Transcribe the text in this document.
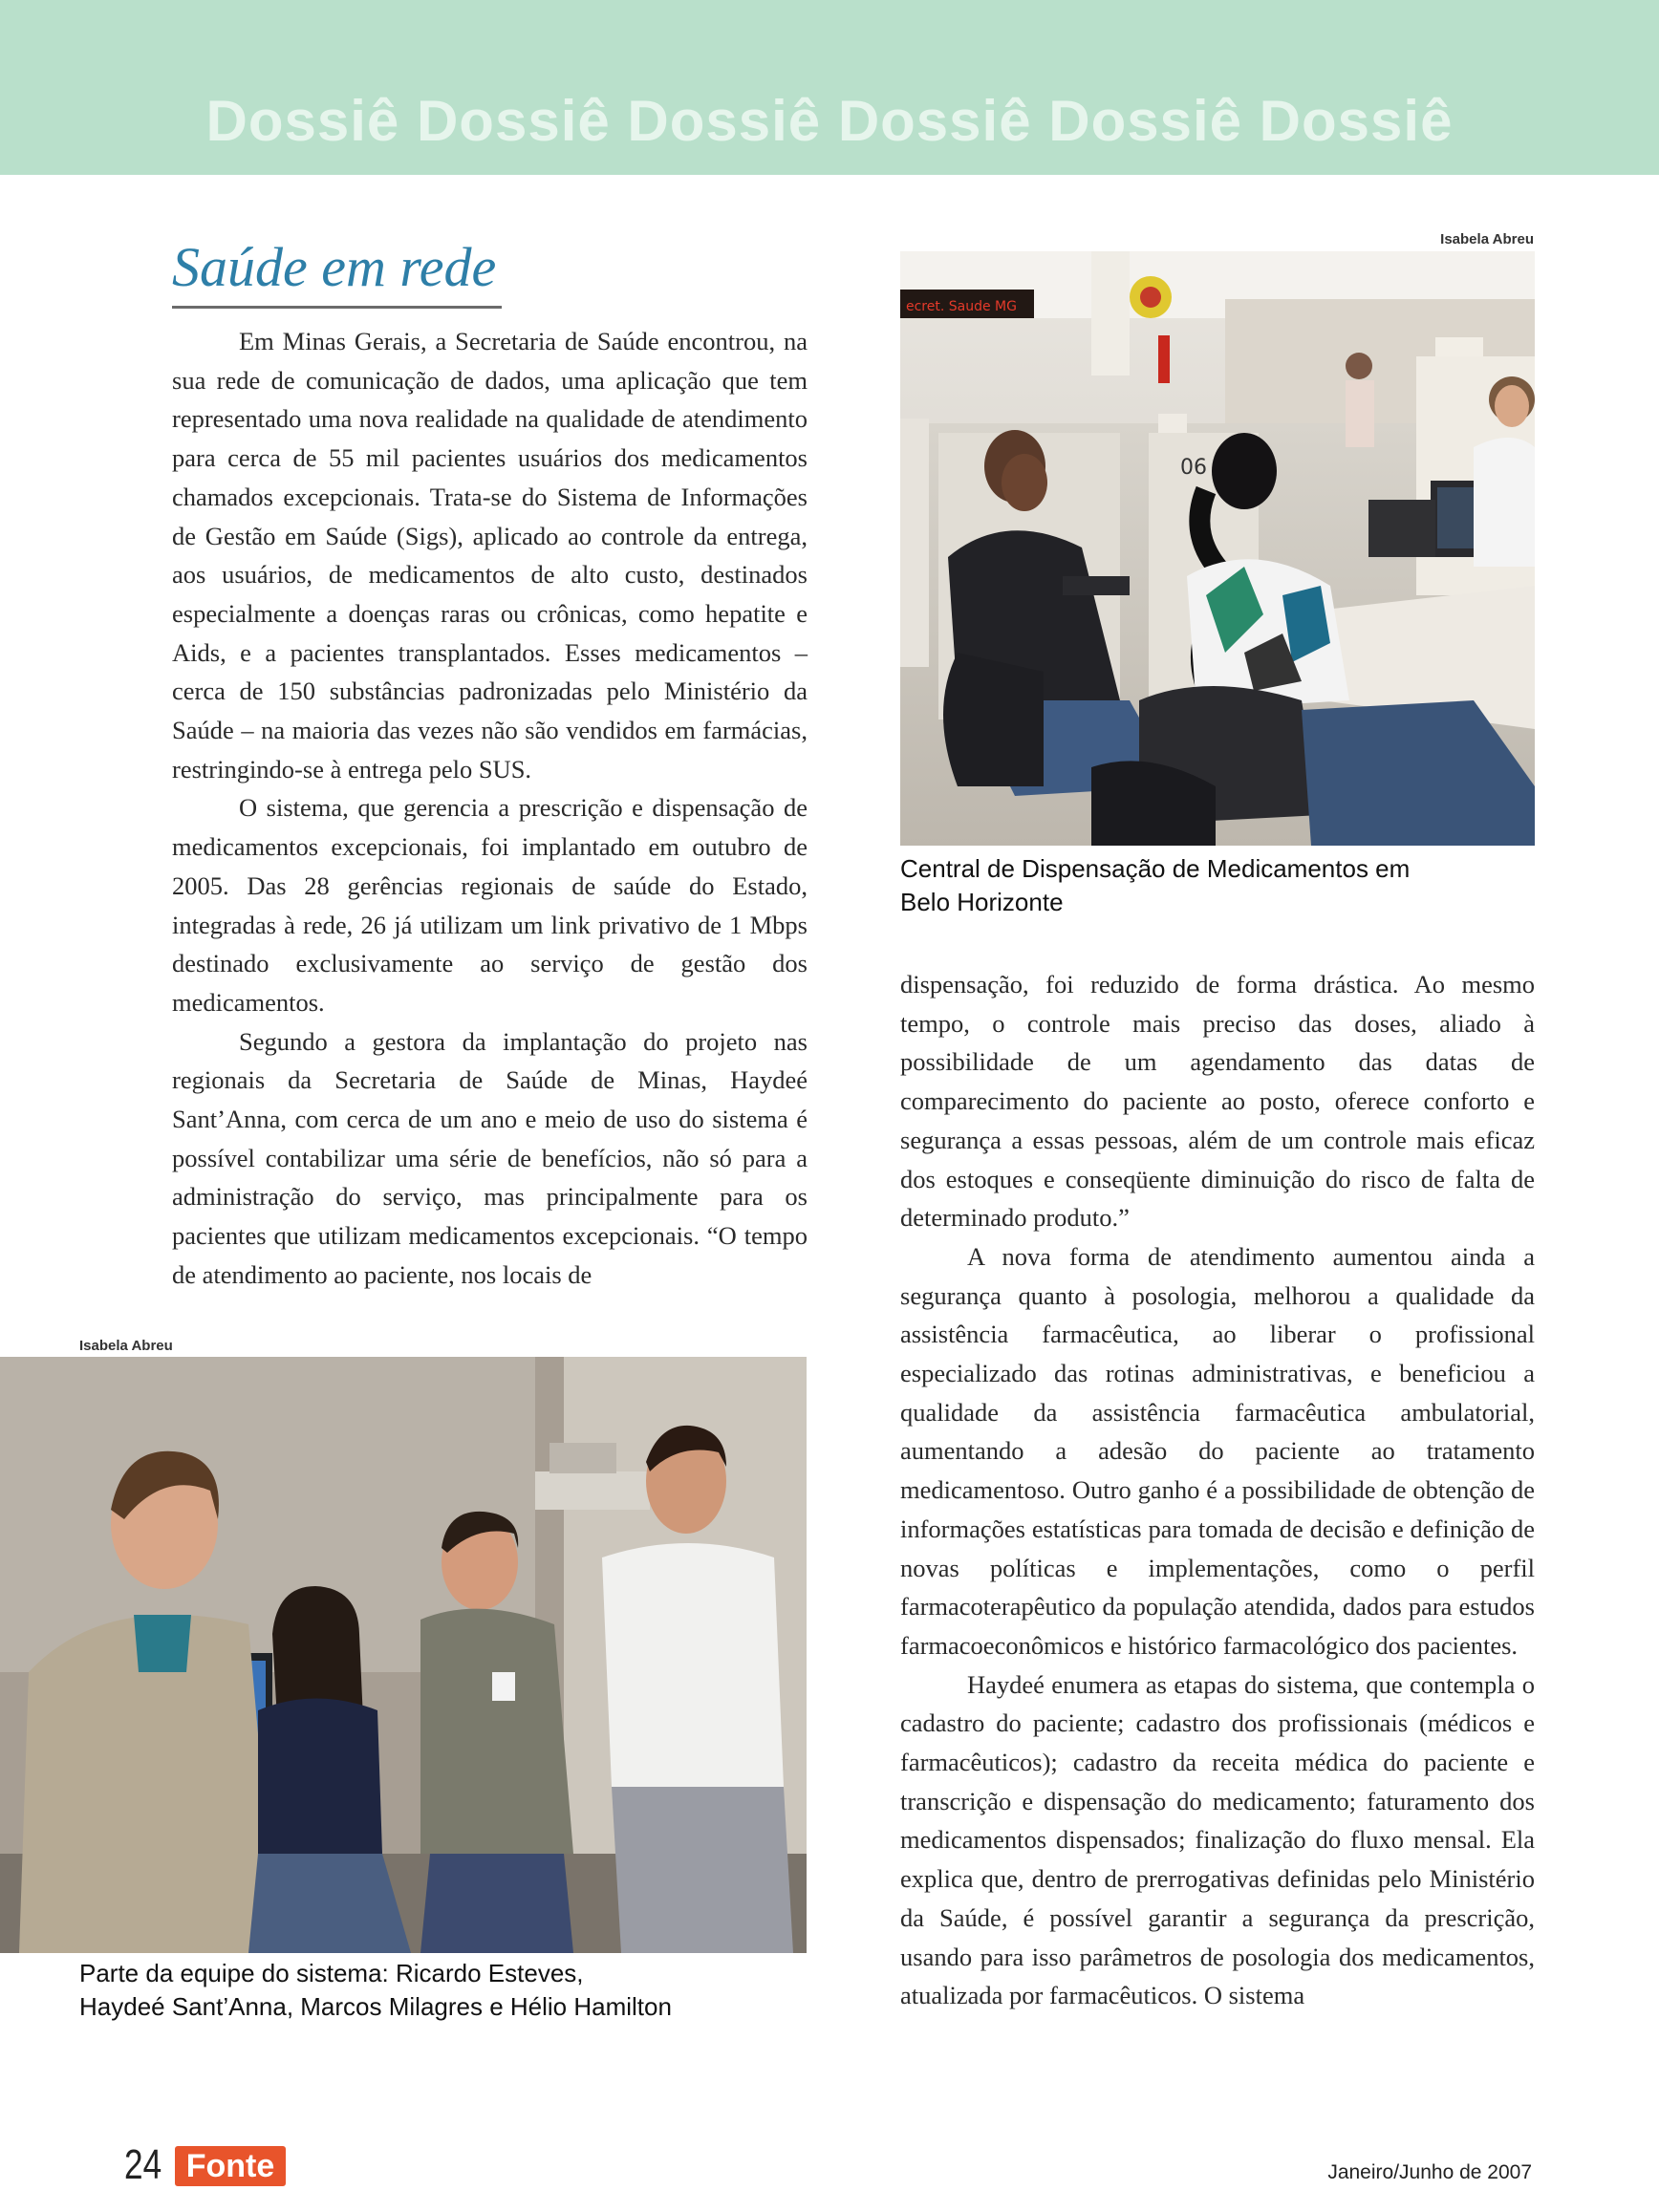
Dossiê Dossiê Dossiê Dossiê Dossiê Dossiê
Saúde em rede

Em Minas Gerais, a Secretaria de Saúde encontrou, na sua rede de comunicação de dados, uma aplicação que tem representado uma nova realidade na qualidade de atendimento para cerca de 55 mil pacientes usuários dos medicamentos chamados excepcionais. Trata-se do Sistema de Informações de Gestão em Saúde (Sigs), aplicado ao controle da entrega, aos usuários, de medicamentos de alto custo, destinados especialmente a doenças raras ou crônicas, como hepatite e Aids, e a pacientes transplantados. Esses medicamentos – cerca de 150 substâncias padronizadas pelo Ministério da Saúde – na maioria das vezes não são vendidos em farmácias, restringindo-se à entrega pelo SUS.

O sistema, que gerencia a prescrição e dispensação de medicamentos excepcionais, foi implantado em outubro de 2005. Das 28 gerências regionais de saúde do Estado, integradas à rede, 26 já utilizam um link privativo de 1 Mbps destinado exclusivamente ao serviço de gestão dos medicamentos.

Segundo a gestora da implantação do projeto nas regionais da Secretaria de Saúde de Minas, Haydeé Sant’Anna, com cerca de um ano e meio de uso do sistema é possível contabilizar uma série de benefícios, não só para a administração do serviço, mas principalmente para os pacientes que utilizam medicamentos excepcionais. “O tempo de atendimento ao paciente, nos locais de

Isabela Abreu
ecret. Saude MG
06
Central de Dispensação de Medicamentos em
Belo Horizonte

dispensação, foi reduzido de forma drástica. Ao mesmo tempo, o controle mais preciso das doses, aliado à possibilidade de um agendamento das datas de comparecimento do paciente ao posto, oferece conforto e segurança a essas pessoas, além de um controle mais eficaz dos estoques e conseqüente diminuição do risco de falta de determinado produto.”

A nova forma de atendimento aumentou ainda a segurança quanto à posologia, melhorou a qualidade da assistência farmacêutica, ao liberar o profissional especializado das rotinas administrativas, e beneficiou a qualidade da assistência farmacêutica ambulatorial, aumentando a adesão do paciente ao tratamento medicamentoso. Outro ganho é a possibilidade de obtenção de informações estatísticas para tomada de decisão e definição de novas políticas e implementações, como o perfil farmacoterapêutico da população atendida, dados para estudos farmacoeconômicos e histórico farmacológico dos pacientes.

Haydeé enumera as etapas do sistema, que contempla o cadastro do paciente; cadastro dos profissionais (médicos e farmacêuticos); cadastro da receita médica do paciente e transcrição e dispensação do medicamento; faturamento dos medicamentos dispensados; finalização do fluxo mensal. Ela explica que, dentro de prerrogativas definidas pelo Ministério da Saúde, é possível garantir a segurança da prescrição, usando para isso parâmetros de posologia dos medicamentos, atualizada por farmacêuticos. O sistema

Isabela Abreu
Parte da equipe do sistema: Ricardo Esteves,
Haydeé Sant’Anna, Marcos Milagres e Hélio Hamilton
24 Fonte	Janeiro/Junho de 2007
